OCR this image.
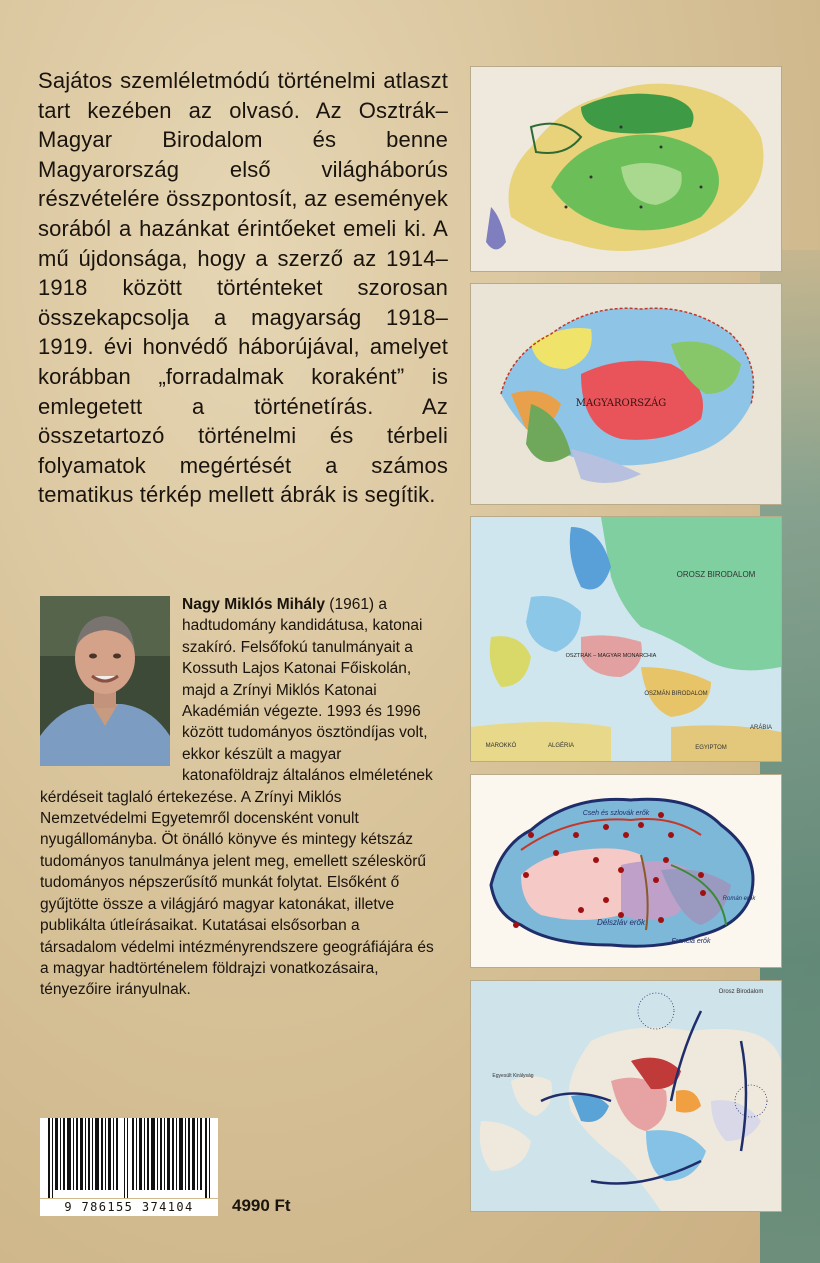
Sajátos szemléletmódú történelmi atlaszt tart kezében az olvasó. Az Osztrák–Magyar Birodalom és benne Magyarország első világháborús részvételére összpontosít, az események sorából a hazánkat érintőeket emeli ki. A mű újdonsága, hogy a szerző az 1914–1918 között történteket szorosan összekapcsolja a magyarság 1918–1919. évi honvédő háborújával, amelyet korábban „forradalmak koraként” is emlegetett a történetírás. Az összetartozó történelmi és térbeli folyamatok megértését a számos tematikus térkép mellett ábrák is segítik.

Nagy Miklós Mihály (1961) a hadtudomány kandidátusa, katonai szakíró. Felsőfokú tanulmányait a Kossuth Lajos Katonai Főiskolán, majd a Zrínyi Miklós Katonai Akadémián végezte. 1993 és 1996 között tudományos ösztöndíjas volt, ekkor készült a magyar katonaföldrajz általános elméletének kérdéseit taglaló értekezése. A Zrínyi Miklós Nemzetvédelmi Egyetemről docensként vonult nyugállományba. Öt önálló könyve és mintegy kétszáz tudományos tanulmánya jelent meg, emellett széleskörű tudományos népszerűsítő munkát folytat. Elsőként ő gyűjtötte össze a világjáró magyar katonákat, illetve publikálta útleírásaikat. Kutatásai elsősorban a társadalom védelmi intézményrendszere geográfiájára és a magyar hadtörténelem földrajzi vonatkozásaira, tényezőire irányulnak.

9 786155 374104	4990 Ft
MAGYARORSZÁG
OROSZ BIRODALOM
OSZTRÁK – MAGYAR MONARCHIA
OSZMÁN BIRODALOM
MAROKKÓ	ALGÉRIA	EGYIPTOM
ARÁBIA
Cseh és szlovák erők
Délszláv erők
Francia erők
Román erők
Orosz Birodalom
Egyesült Királyság
